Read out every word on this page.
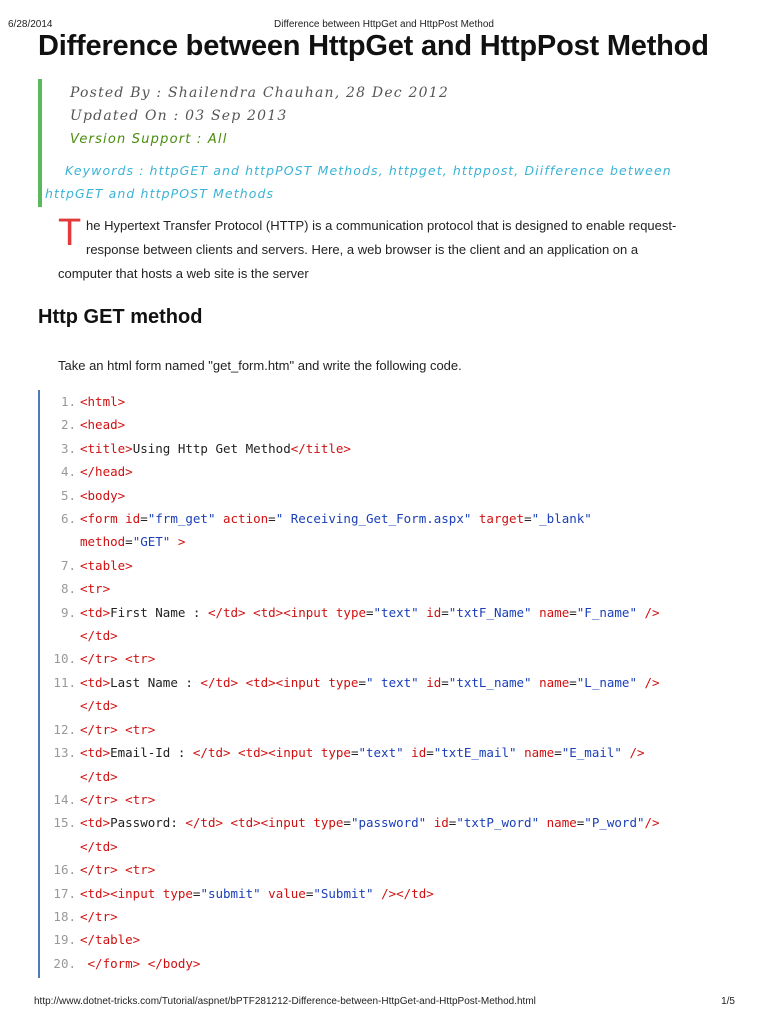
6/28/2014	Difference between HttpGet and HttpPost Method
Difference between HttpGet and HttpPost Method
Posted By : Shailendra Chauhan, 28 Dec 2012
Updated On : 03 Sep 2013
Version Support : All
Keywords : httpGET and httpPOST Methods, httpget, httppost, Diifference between httpGET and httpPOST Methods
T he Hypertext Transfer Protocol (HTTP) is a communication protocol that is designed to enable request-
response between clients and servers. Here, a web browser is the client and an application on a
computer that hosts a web site is the server
Http GET method
Take an html form named "get_form.htm" and write the following code.
1. <html>
2. <head>
3. <title>Using Http Get Method</title>
4. </head>
5. <body>
6. <form id="frm_get" action=" Receiving_Get_Form.aspx" target="_blank"
method="GET" >
7. <table>
8. <tr>
9. <td>First Name : </td> <td><input type="text" id="txtF_Name" name="F_name" />
</td>
10. </tr> <tr>
11. <td>Last Name : </td> <td><input type=" text" id="txtL_name" name="L_name" />
</td>
12. </tr> <tr>
13. <td>Email-Id : </td> <td><input type="text" id="txtE_mail" name="E_mail" />
</td>
14. </tr> <tr>
15. <td>Password: </td> <td><input type="password" id="txtP_word" name="P_word"/>
</td>
16. </tr> <tr>
17. <td><input type="submit" value="Submit" /></td>
18. </tr>
19. </table>
20. </form> </body>
http://www.dotnet-tricks.com/Tutorial/aspnet/bPTF281212-Difference-between-HttpGet-and-HttpPost-Method.html	1/5
